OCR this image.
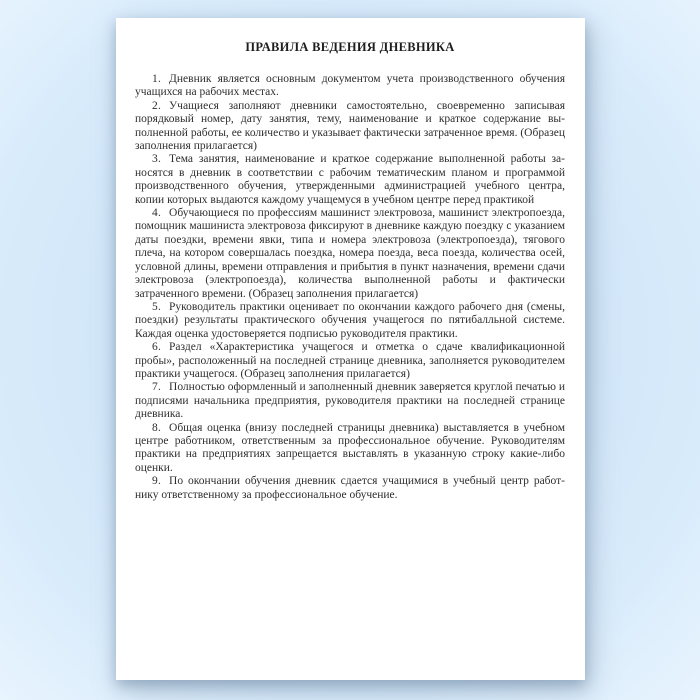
ПРАВИЛА ВЕДЕНИЯ ДНЕВНИКА

1. Дневник является основным документом учета производственного обучения учащихся на рабочих местах.

2. Учащиеся заполняют дневники самостоятельно, своевременно записывая порядковый номер, дату занятия, тему, наименование и краткое содержание выполненной работы, ее количество и указывает фактически затраченное время. (Образец заполнения прилагается)

3. Тема занятия, наименование и краткое содержание выполненной работы заносятся в дневник в соответствии с рабочим тематическим планом и программой производственного обучения, утвержденными администрацией учебного центра, копии которых выдаются каждому учащемуся в учебном центре перед практикой

4. Обучающиеся по профессиям машинист электровоза, машинист электропоезда, помощник машиниста электровоза фиксируют в дневнике каждую поездку с указанием даты поездки, времени явки, типа и номера электровоза (электропоезда), тягового плеча, на котором совершалась поездка, номера поезда, веса поезда, количества осей, условной длины, времени отправления и прибытия в пункт назначения, времени сдачи электровоза (электропоезда), количества выполненной работы и фактически затраченного времени. (Образец заполнения прилагается)

5. Руководитель практики оценивает по окончании каждого рабочего дня (смены, поездки) результаты практического обучения учащегося по пятибалльной системе. Каждая оценка удостоверяется подписью руководителя практики.

6. Раздел «Характеристика учащегося и отметка о сдаче квалификационной пробы», расположенный на последней странице дневника, заполняется руководителем практики учащегося. (Образец заполнения прилагается)

7. Полностью оформленный и заполненный дневник заверяется круглой печатью и подписями начальника предприятия, руководителя практики на последней странице дневника.

8. Общая оценка (внизу последней страницы дневника) выставляется в учебном центре работником, ответственным за профессиональное обучение. Руководителям практики на предприятиях запрещается выставлять в указанную строку какие-либо оценки.

9. По окончании обучения дневник сдается учащимися в учебный центр работнику ответственному за профессиональное обучение.
